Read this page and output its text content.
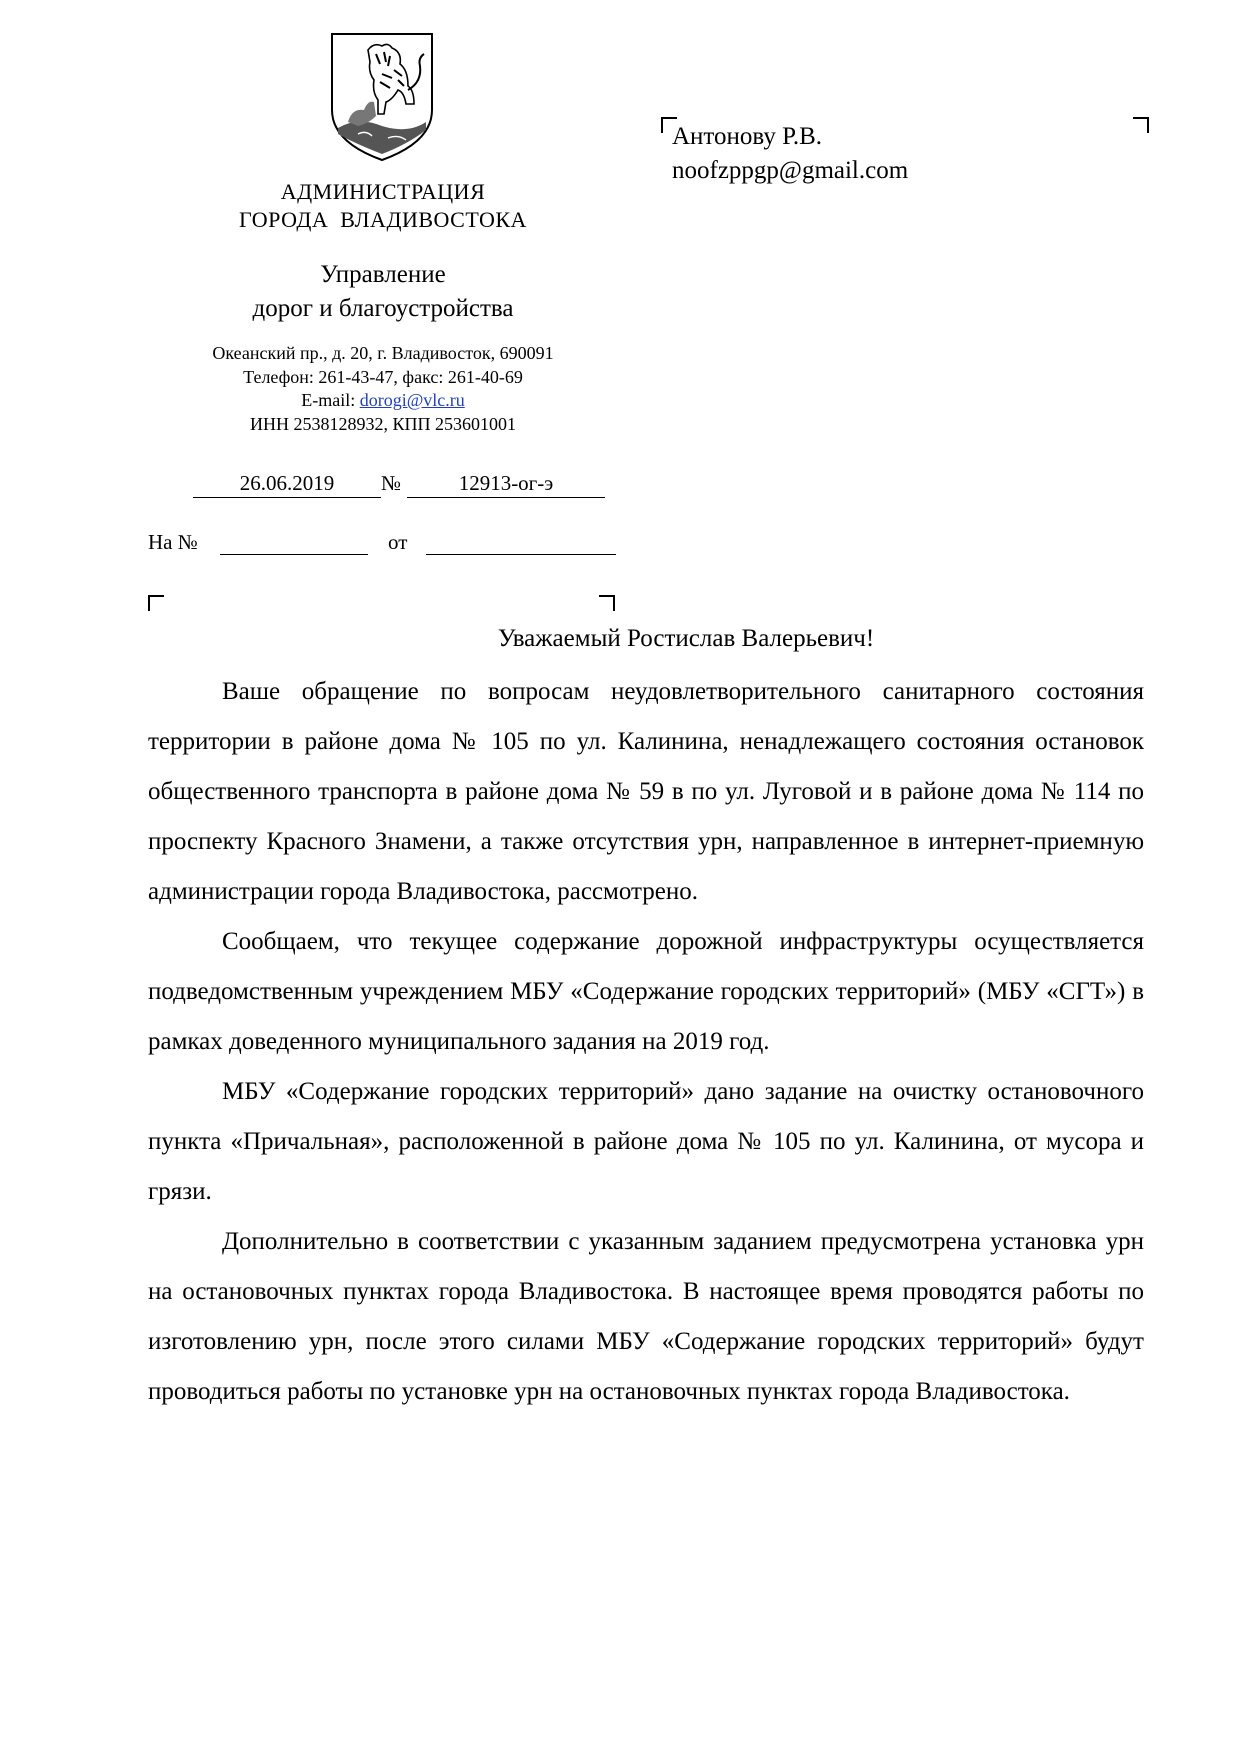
АДМИНИСТРАЦИЯ
ГОРОДА  ВЛАДИВОСТОКА
Управление
дорог и благоустройства
Океанский пр., д. 20, г. Владивосток, 690091
Телефон: 261-43-47, факс: 261-40-69
E-mail: dorogi@vlc.ru
ИНН 2538128932, КПП 253601001
26.06.2019	№	12913-ог-э
На №	от
Антонову Р.В.
noofzppgp@gmail.com
Уважаемый Ростислав Валерьевич!

Ваше обращение по вопросам неудовлетворительного санитарного состояния территории в районе дома № 105 по ул. Калинина, ненадлежащего состояния остановок общественного транспорта в районе дома № 59 в по ул. Луговой и в районе дома № 114 по проспекту Красного Знамени, а также отсутствия урн, направленное в интернет-приемную администрации города Владивостока, рассмотрено.

Сообщаем, что текущее содержание дорожной инфраструктуры осуществляется подведомственным учреждением МБУ «Содержание городских территорий» (МБУ «СГТ») в рамках доведенного муниципального задания на 2019 год.

МБУ «Содержание городских территорий» дано задание на очистку остановочного пункта «Причальная», расположенной в районе дома № 105 по ул. Калинина, от мусора и грязи.

Дополнительно в соответствии с указанным заданием предусмотрена установка урн на остановочных пунктах города Владивостока. В настоящее время проводятся работы по изготовлению урн, после этого силами МБУ «Содержание городских территорий» будут проводиться работы по установке урн на остановочных пунктах города Владивостока.
